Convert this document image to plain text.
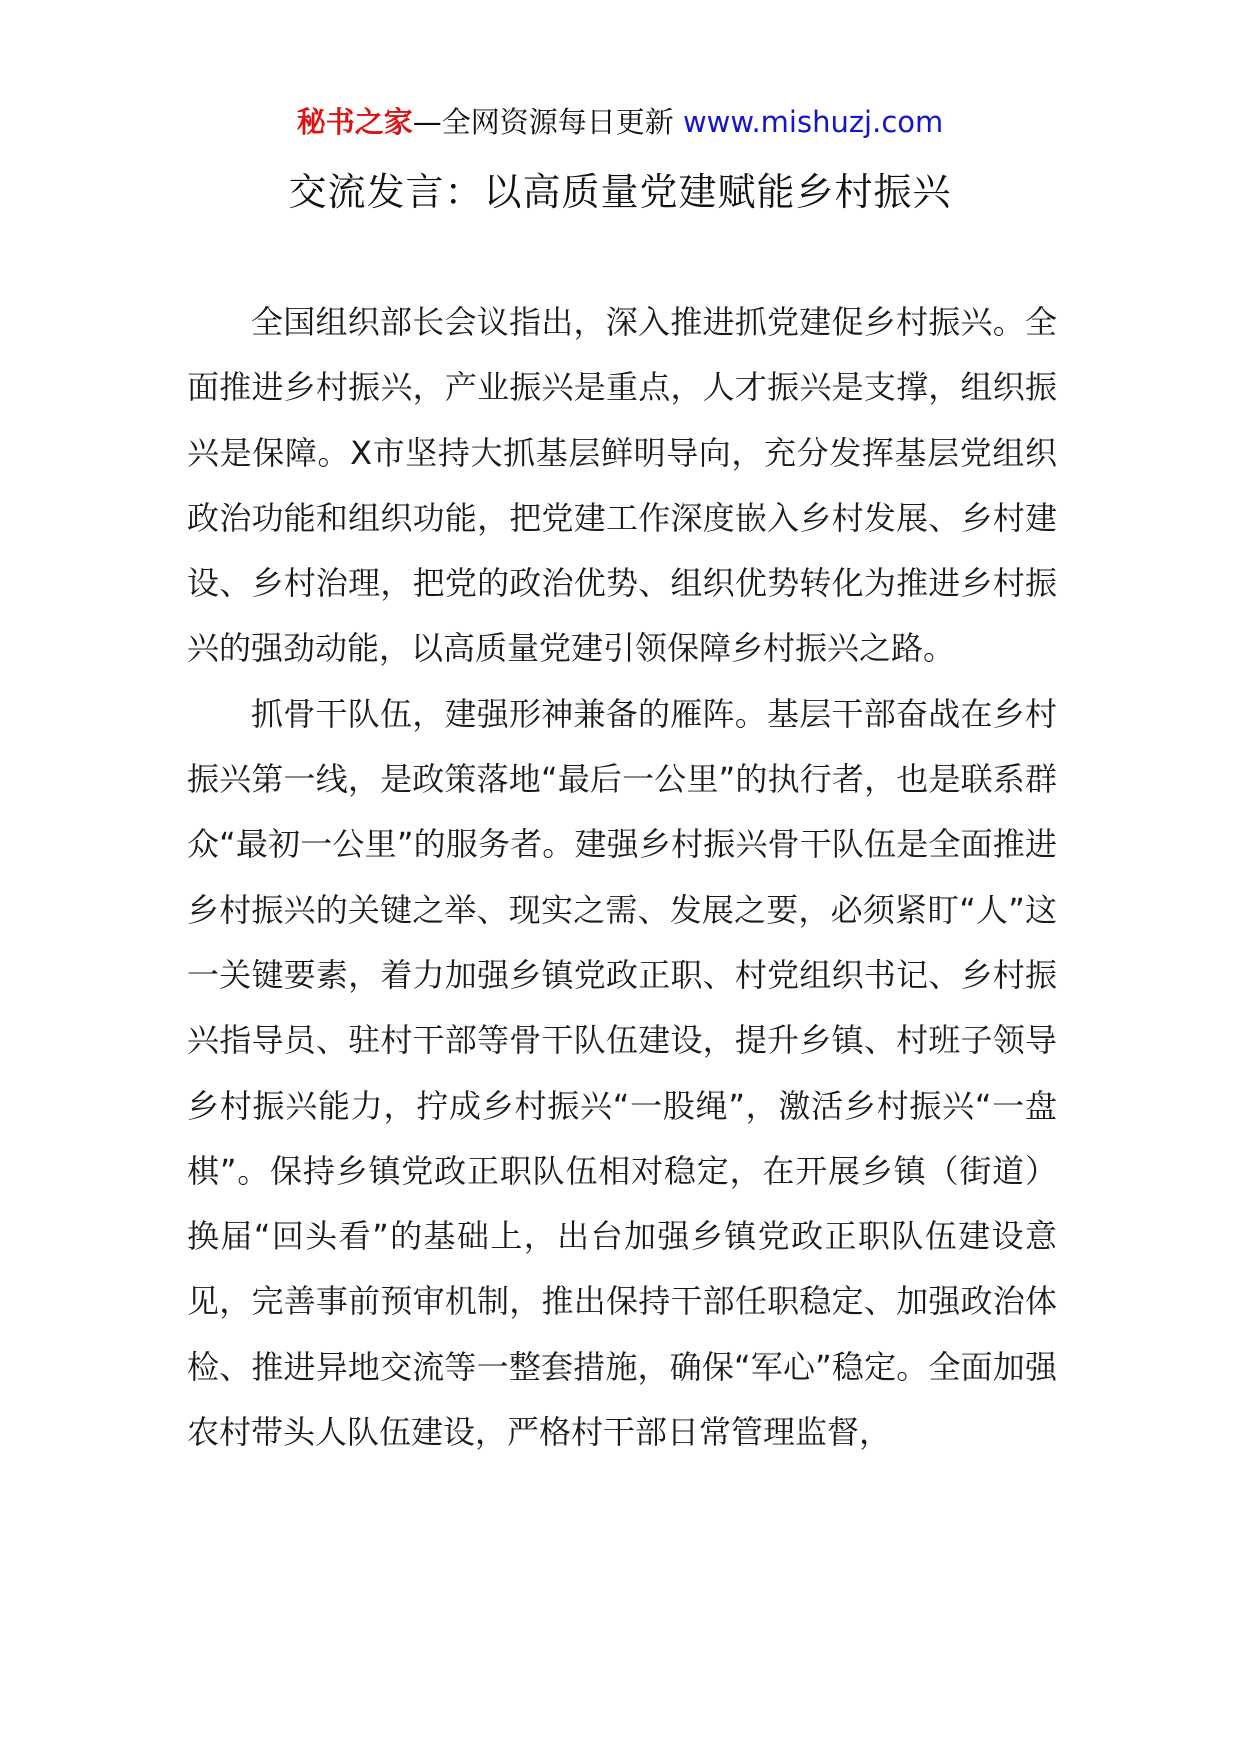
秘书之家—全网资源每日更新 www.mishuzj.com
交流发言：以高质量党建赋能乡村振兴

全国组织部长会议指出，深入推进抓党建促乡村振兴。全面推进乡村振兴，产业振兴是重点，人才振兴是支撑，组织振兴是保障。X市坚持大抓基层鲜明导向，充分发挥基层党组织政治功能和组织功能，把党建工作深度嵌入乡村发展、乡村建设、乡村治理，把党的政治优势、组织优势转化为推进乡村振兴的强劲动能，以高质量党建引领保障乡村振兴之路。

抓骨干队伍，建强形神兼备的雁阵。基层干部奋战在乡村振兴第一线，是政策落地“最后一公里”的执行者，也是联系群众“最初一公里”的服务者。建强乡村振兴骨干队伍是全面推进乡村振兴的关键之举、现实之需、发展之要，必须紧盯“人”这一关键要素，着力加强乡镇党政正职、村党组织书记、乡村振兴指导员、驻村干部等骨干队伍建设，提升乡镇、村班子领导乡村振兴能力，拧成乡村振兴“一股绳”，激活乡村振兴“一盘棋”。保持乡镇党政正职队伍相对稳定，在开展乡镇（街道）换届“回头看”的基础上，出台加强乡镇党政正职队伍建设意见，完善事前预审机制，推出保持干部任职稳定、加强政治体检、推进异地交流等一整套措施，确保“军心”稳定。全面加强农村带头人队伍建设，严格村干部日常管理监督，
